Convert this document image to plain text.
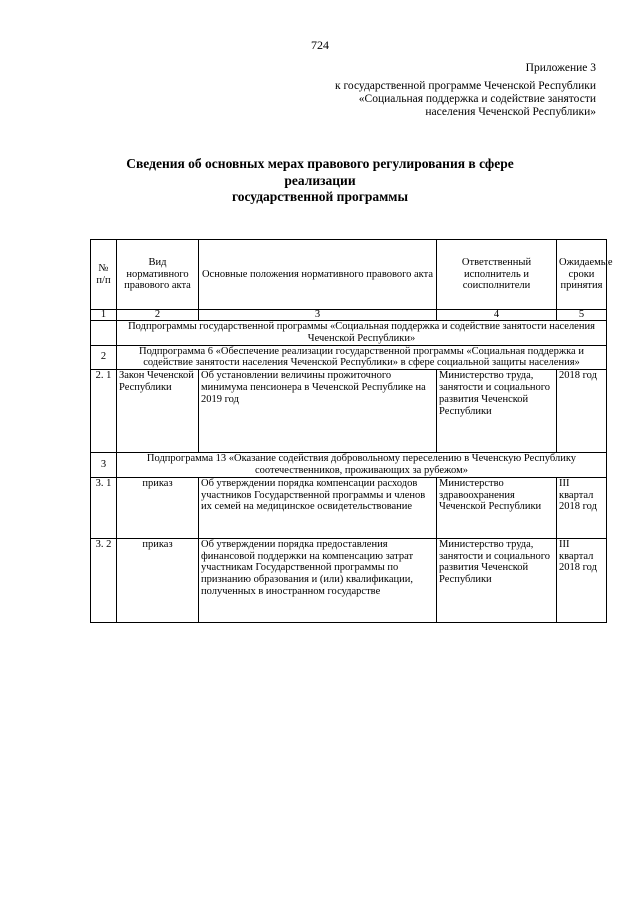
724
Приложение 3
к государственной программе Чеченской Республики
«Социальная поддержка и содействие занятости
населения Чеченской Республики»
Сведения об основных мерах правового регулирования в сфере
реализации
государственной программы
№ п/п	Вид нормативного правового акта	Основные положения нормативного правового акта	Ответственный исполнитель и соисполнители	Ожидаемые сроки принятия
1	2	3	4	5
	Подпрограммы государственной программы «Социальная поддержка и содействие занятости населения Чеченской Республики»			
2	Подпрограмма 6 «Обеспечение реализации государственной программы «Социальная поддержка и содействие занятости населения Чеченской Республики» в сфере социальной защиты населения»			
2. 1	Закон Чеченской Республики	Об установлении величины прожиточного минимума пенсионера в Чеченской Республике на 2019 год	Министерство труда, занятости и социального развития Чеченской Республики	2018 год
3	Подпрограмма 13 «Оказание содействия добровольному переселению в Чеченскую Республику соотечественников, проживающих за рубежом»			
3. 1	приказ	Об утверждении порядка компенсации расходов участников Государственной программы и членов их семей на медицинское освидетельствование	Министерство здравоохранения Чеченской Республики	III квартал 2018 год
3. 2	приказ	Об утверждении порядка предоставления финансовой поддержки на компенсацию затрат участникам Государственной программы по признанию образования и (или) квалификации, полученных в иностранном государстве	Министерство труда, занятости и социального развития Чеченской Республики	III квартал 2018 год
